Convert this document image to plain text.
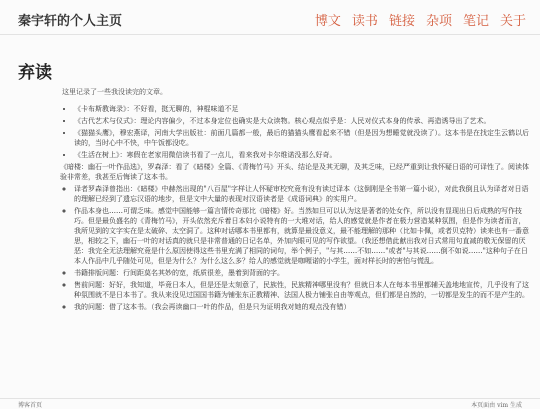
秦宇轩的个人主页	博文 读书 链接 杂项 笔记 关于
弃读
这里记录了一些我没读完的文章。
• 《卡布斯教诲录》：不好看，挺无聊的，神棍味道不足
• 《古代艺术与仪式》：理论内容偏少，不过本身定位也确实是大众读物。核心观点似乎是：人民对仪式本身的传承、再造诱导出了艺术。
• 《猫猫头鹰》，穆宏燕译，河南大学出版社：前面几篇都一般，最后的猫猫头鹰看起来不错（但是因为想睡觉就没读了）。这本书是在找定生云鹤以后读的，当时心中不快，中午饭都没吃。
• 《生活在树上》：寒假在老家用微信读书看了一点儿，看来我对卡尔维诺没那么好奇。
《暗楼：幽石一叶作品选》，罗森泽：看了《暗楼》全篇、《青梅竹马》开头、结论是及其无聊，及其乏味，已经严重到让我怀疑日语的可译性了。阅读体验非常差，我甚至后悔读了这本书。
◦ 译者罗森泽曾指出：《暗楼》中赫然出现的"八百屋"字样让人怀疑审校究竟有没有读过译本（这倒刚是全书第一篇小说），对此我倒且认为译者对日语的理解已经到了遗忘汉语的地步，但是文中大量的表现对汉语读者是《成语词典》的实用户。
◦ 作品本身也……可谓乏味。感觉中国能够一篇言情传奇那比《暗楼》好。当然如旦可以认为这是著者的处女作，所以没有显现出日后成熟的写作技巧。但是最负盛名的《青梅竹马》，开头依然充斥着日本妇小说特有的一大堆对话，给人的感觉就是作者在极力营造某种氛围，但是作为读者而言，我所见到的文字实在是太破碎、太空洞了。这种对话哪本书里都有，就算是最没意义，最不能理解的那种（比如卡佩，或者贝克特）读来也有一番意思，相较之下，幽石一叶的对话真的就只是非常普通的日记名单，外加内眼可见的写作欲望。（我还想借此献出我对日式常用句直减的敬无保留的厌恶：我完全无法理解究竟是什么原因使得这些书里充满了相同的词句，举个例子，"与其……不如……"或者"与其说……倒不如说……"这种句子在日本人作品中几乎随处可见，但是为什么？为什么这么多？给人的感觉就是咖喱诺的小学生，面对样长时的害怕与慌乱。
◦ 书籍排版问题：行间距莫名其妙的宽，纸质很差，墨着到背面的字。
◦ 售前问题：好好，我知道，毕竟日本人，但是还是太刻意了，民族性，民族精神哪里没有？但就日本人在每本书里都辅天盖地地宣传，几乎没有了这种氛围就不是日本书了。我从来没见过国国书籍为铺张东正教精神、法国人极力铺张自由等观点，但们都是自然的，一切都是发生的而不是产生的。
◦ 我的问题：借了这本书。（我会再读幽口一叶的作品，但是只为证明我对她的观点没有错）
博客首页	本页面由 vim 生成
